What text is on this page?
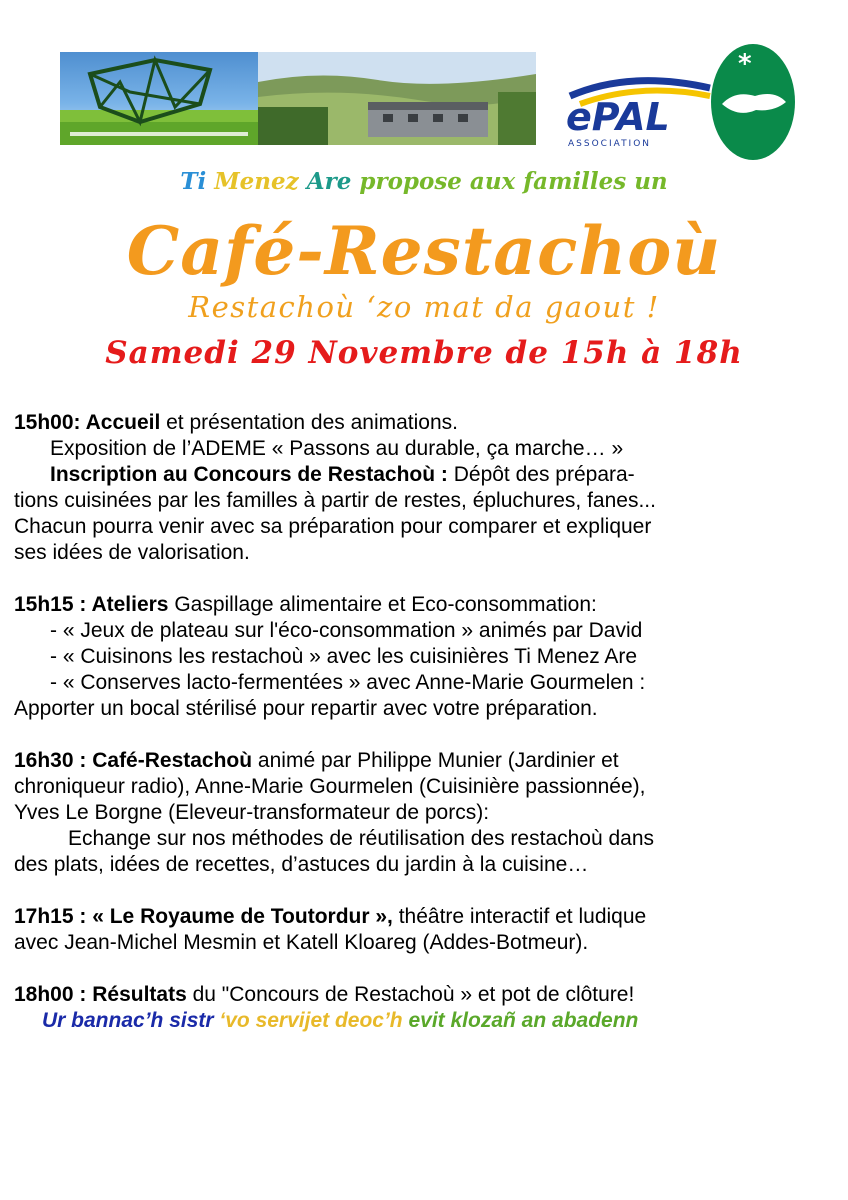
*
ePAL
ASSOCIATION
Ti Menez Are propose aux familles un
Café-Restachoù
Restachoù ‘zo mat da gaout !
Samedi 29 Novembre de 15h à 18h
15h00: Accueil et présentation des animations.
Exposition de l’ADEME « Passons au durable, ça marche… »
Inscription au Concours de Restachoù : Dépôt des prépara-
tions cuisinées par les familles à partir de restes, épluchures, fanes...
Chacun pourra venir avec sa préparation pour comparer et expliquer
ses idées de valorisation.
15h15 : Ateliers Gaspillage alimentaire et Eco-consommation:
- « Jeux de plateau sur l'éco-consommation » animés par David
- « Cuisinons les restachoù » avec les cuisinières Ti Menez Are
- « Conserves lacto-fermentées » avec Anne-Marie Gourmelen :
Apporter un bocal stérilisé pour repartir avec votre préparation.
16h30 : Café-Restachoù animé par Philippe Munier (Jardinier et
chroniqueur radio), Anne-Marie Gourmelen (Cuisinière passionnée),
Yves Le Borgne (Eleveur-transformateur de porcs):
Echange sur nos méthodes de réutilisation des restachoù dans
des plats, idées de recettes, d’astuces du jardin à la cuisine…
17h15 : « Le Royaume de Toutordur », théâtre interactif et ludique
avec Jean-Michel Mesmin et Katell Kloareg (Addes-Botmeur).
18h00 : Résultats du "Concours de Restachoù » et pot de clôture!

Ur bannac’h sistr ‘vo servijet deoc’h evit klozañ an abadenn
